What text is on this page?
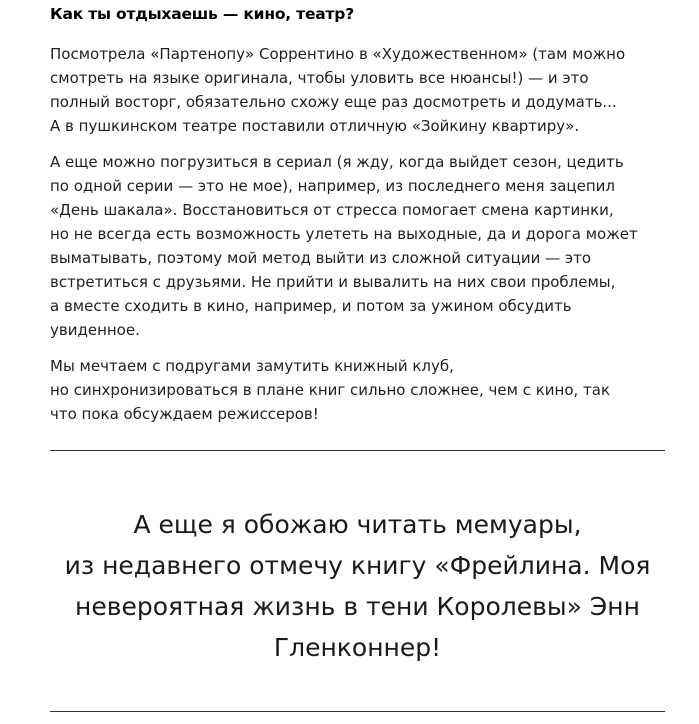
Как ты отдыхаешь — кино, театр?

Посмотрела «Партенопу» Соррентино в «Художественном» (там можно
смотреть на языке оригинала, чтобы уловить все нюансы!) — и это
полный восторг, обязательно схожу еще раз досмотреть и додумать...
А в пушкинском театре поставили отличную «Зойкину квартиру».

А еще можно погрузиться в сериал (я жду, когда выйдет сезон, цедить
по одной серии — это не мое), например, из последнего меня зацепил
«День шакала». Восстановиться от стресса помогает смена картинки,
но не всегда есть возможность улететь на выходные, да и дорога может
выматывать, поэтому мой метод выйти из сложной ситуации — это
встретиться с друзьями. Не прийти и вывалить на них свои проблемы,
а вместе сходить в кино, например, и потом за ужином обсудить
увиденное.

Мы мечтаем с подругами замутить книжный клуб,
но синхронизироваться в плане книг сильно сложнее, чем с кино, так
что пока обсуждаем режиссеров!

А еще я обожаю читать мемуары,
из недавнего отмечу книгу «Фрейлина. Моя
невероятная жизнь в тени Королевы» Энн
Гленконнер!
